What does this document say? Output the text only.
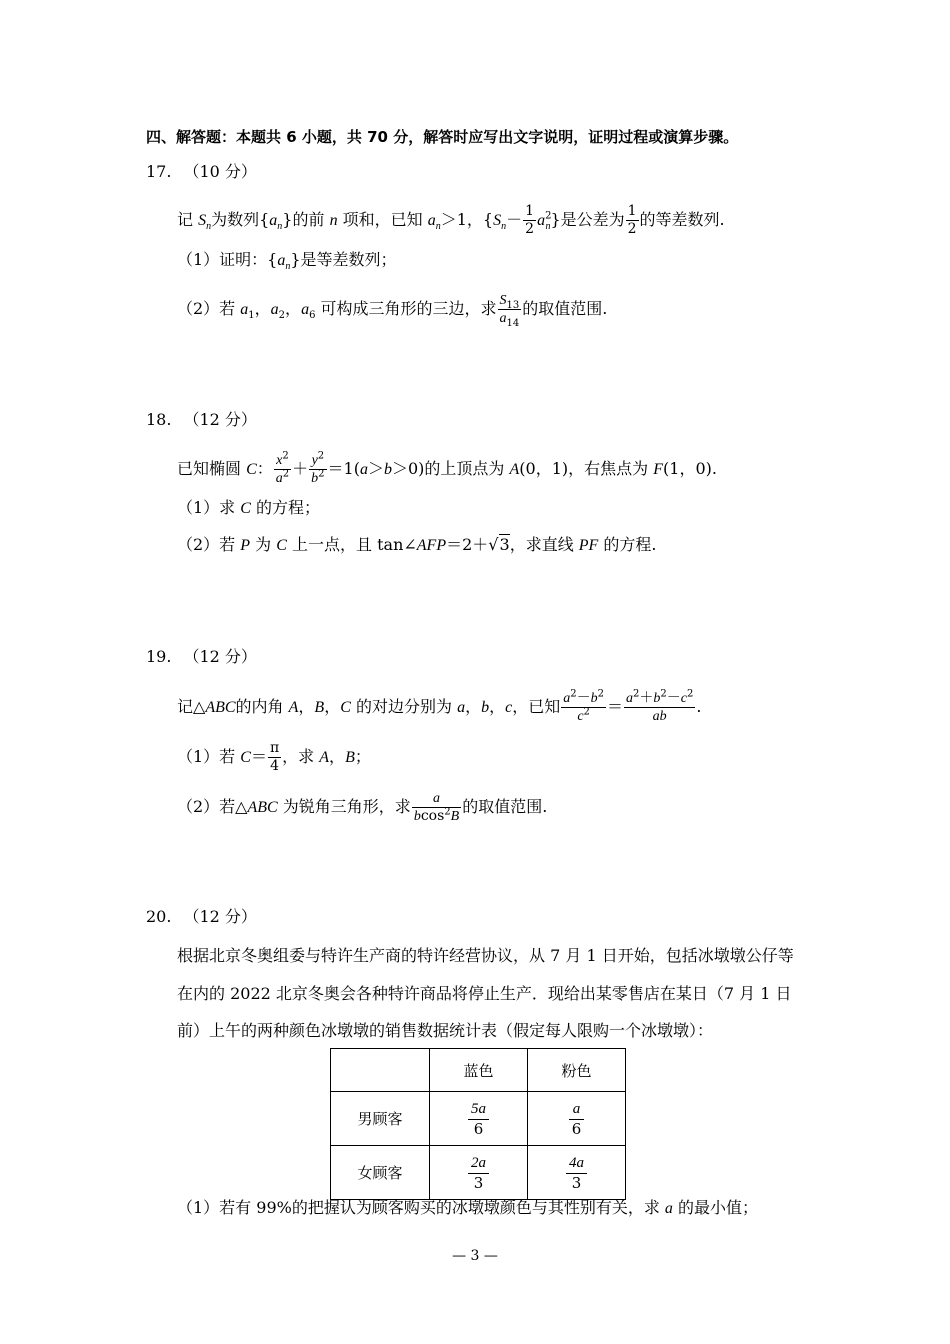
四、解答题：本题共 6 小题，共 70 分，解答时应写出文字说明，证明过程或演算步骤。
17. （10 分）
记 $S_n$为数列$\{a_n\}$的前 n 项和，已知 $a_n>1$，$\{S_n- \frac{1}{2} a^2_n\}$是公差为 $\frac{1}{2}$ 的等差数列.
（1）证明：$\{a_n\}$是等差数列；
（2）若 $a_1$，$a_2$，$a_6$ 可构成三角形的三边，求 $\frac{S_{13}}{a_{14}}$ 的取值范围.
18. （12 分）
已知椭圆 C： $\frac{x^2}{a^2} + \frac{y^2}{b^2} =1(a>b>0)$的上顶点为 A(0，1)，右焦点为 F(1，0).
（1）求 C 的方程；
（2）若 P 为 C 上一点，且 tan∠AFP＝2＋√3，求直线 PF 的方程.
19. （12 分）
记△ABC的内角 A，B，C 的对边分别为 a，b，c，已知 $\frac{a^2-b^2}{c^2} = \frac{a^2+b^2-c^2}{ab}$ .
（1）若 $C= \frac{\pi}{4}$ ，求 A，B；
（2）若△ABC 为锐角三角形，求 $\frac{a}{bcos^2B}$ 的取值范围.
20. （12 分）
根据北京冬奥组委与特许生产商的特许经营协议，从 7 月 1 日开始，包括冰墩墩公仔等
在内的 2022 北京冬奥会各种特许商品将停止生产．现给出某零售店在某日（7 月 1 日
前）上午的两种颜色冰墩墩的销售数据统计表（假定每人限购一个冰墩墩）：
	蓝色	粉色
男顾客	$\frac{5a}{6}$	$\frac{a}{6}$

女顾客	$\frac{2a}{3}$	$\frac{4a}{3}$
（1）若有 99%的把握认为顾客购买的冰墩墩颜色与其性别有关，求 a 的最小值；
— 3 —
